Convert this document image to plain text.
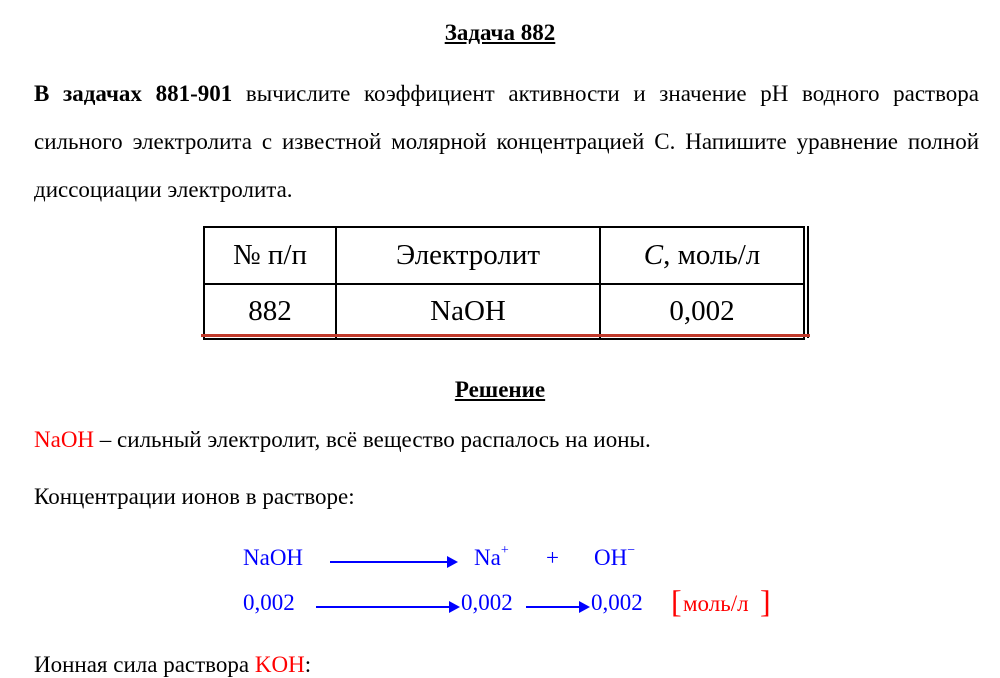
Задача 882
В задачах 881-901 вычислите коэффициент активности и значение pH водного раствора сильного электролита с известной молярной концентрацией C. Напишите уравнение полной диссоциации электролита.
№ п/п	Электролит	C, моль/л
882	NaOH	0,002
Решение
NaOH – сильный электролит, всё вещество распалось на ионы.
Концентрации ионов в растворе:
NaOH	Na+ + OH−
0,002	0,002	0,002 [ моль/л ]
Ионная сила раствора KOH:
